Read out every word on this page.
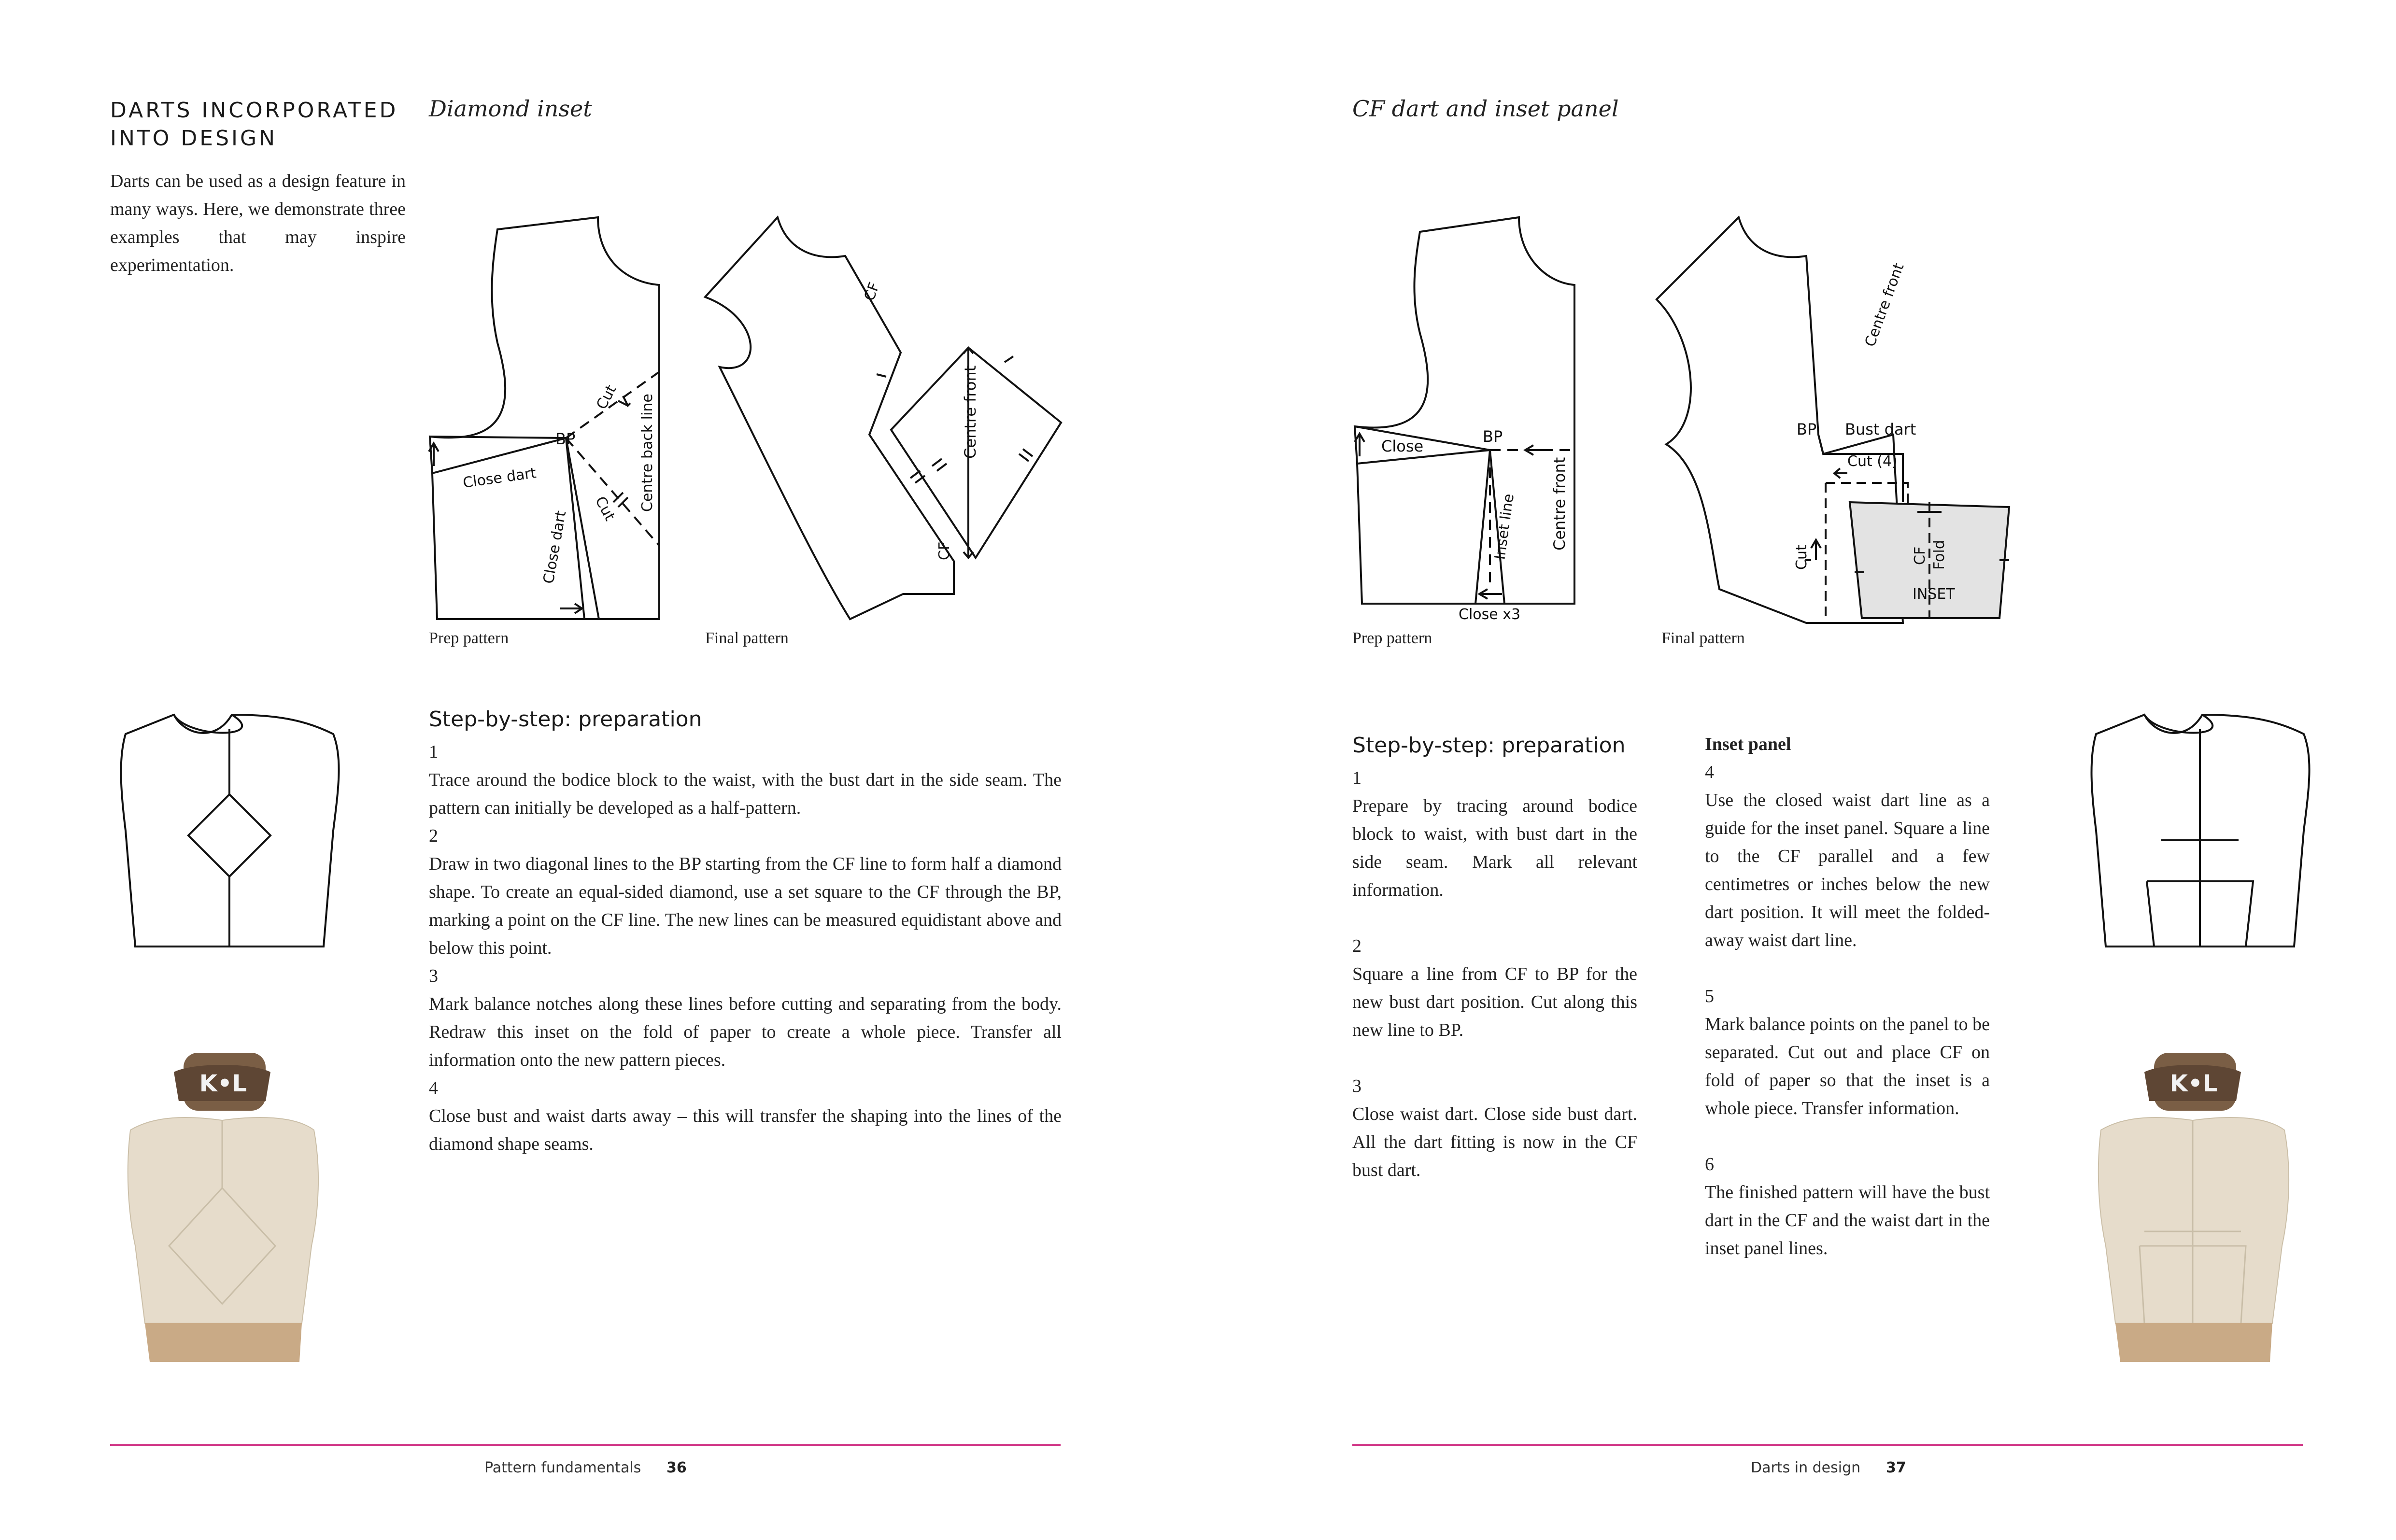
DARTS INCORPORATED
INTO DESIGN
Darts can be used as a design feature in many ways. Here, we demonstrate three examples that may inspire experimentation.
Diamond inset
Cut
BP
Close dart	Centre back line
Cut
Close dart
Prep pattern
CF
Centre front
CF
Final pattern
K•L
Step-by-step: preparation
1
Trace around the bodice block to the waist, with the bust dart in the side seam. The pattern can initially be developed as a half-pattern.
2
Draw in two diagonal lines to the BP starting from the CF line to form half a diamond shape. To create an equal-sided diamond, use a set square to the CF through the BP, marking a point on the CF line. The new lines can be measured equidistant above and below this point.
3
Mark balance notches along these lines before cutting and separating from the body. Redraw this inset on the fold of paper to create a whole piece. Transfer all information onto the new pattern pieces.
4
Close bust and waist darts away – this will transfer the shaping into the lines of the diamond shape seams.
Pattern fundamentals 36
CF dart and inset panel
Close
BP
Inset line Centre front
Close x3
Prep pattern
Centre front
BP Bust dart
Cut (4)
Cut	CF Fold
INSET
Final pattern
K•L
Step-by-step: preparation
1
Prepare by tracing around bodice block to waist, with bust dart in the side seam. Mark all relevant information.
2
Square a line from CF to BP for the new bust dart position. Cut along this new line to BP.
3
Close waist dart. Close side bust dart. All the dart fitting is now in the CF bust dart.
Inset panel
4
Use the closed waist dart line as a guide for the inset panel. Square a line to the CF parallel and a few centimetres or inches below the new dart position. It will meet the folded-away waist dart line.
5
Mark balance points on the panel to be separated. Cut out and place CF on fold of paper so that the inset is a whole piece. Transfer information.
6
The finished pattern will have the bust dart in the CF and the waist dart in the inset panel lines.
Darts in design 37
